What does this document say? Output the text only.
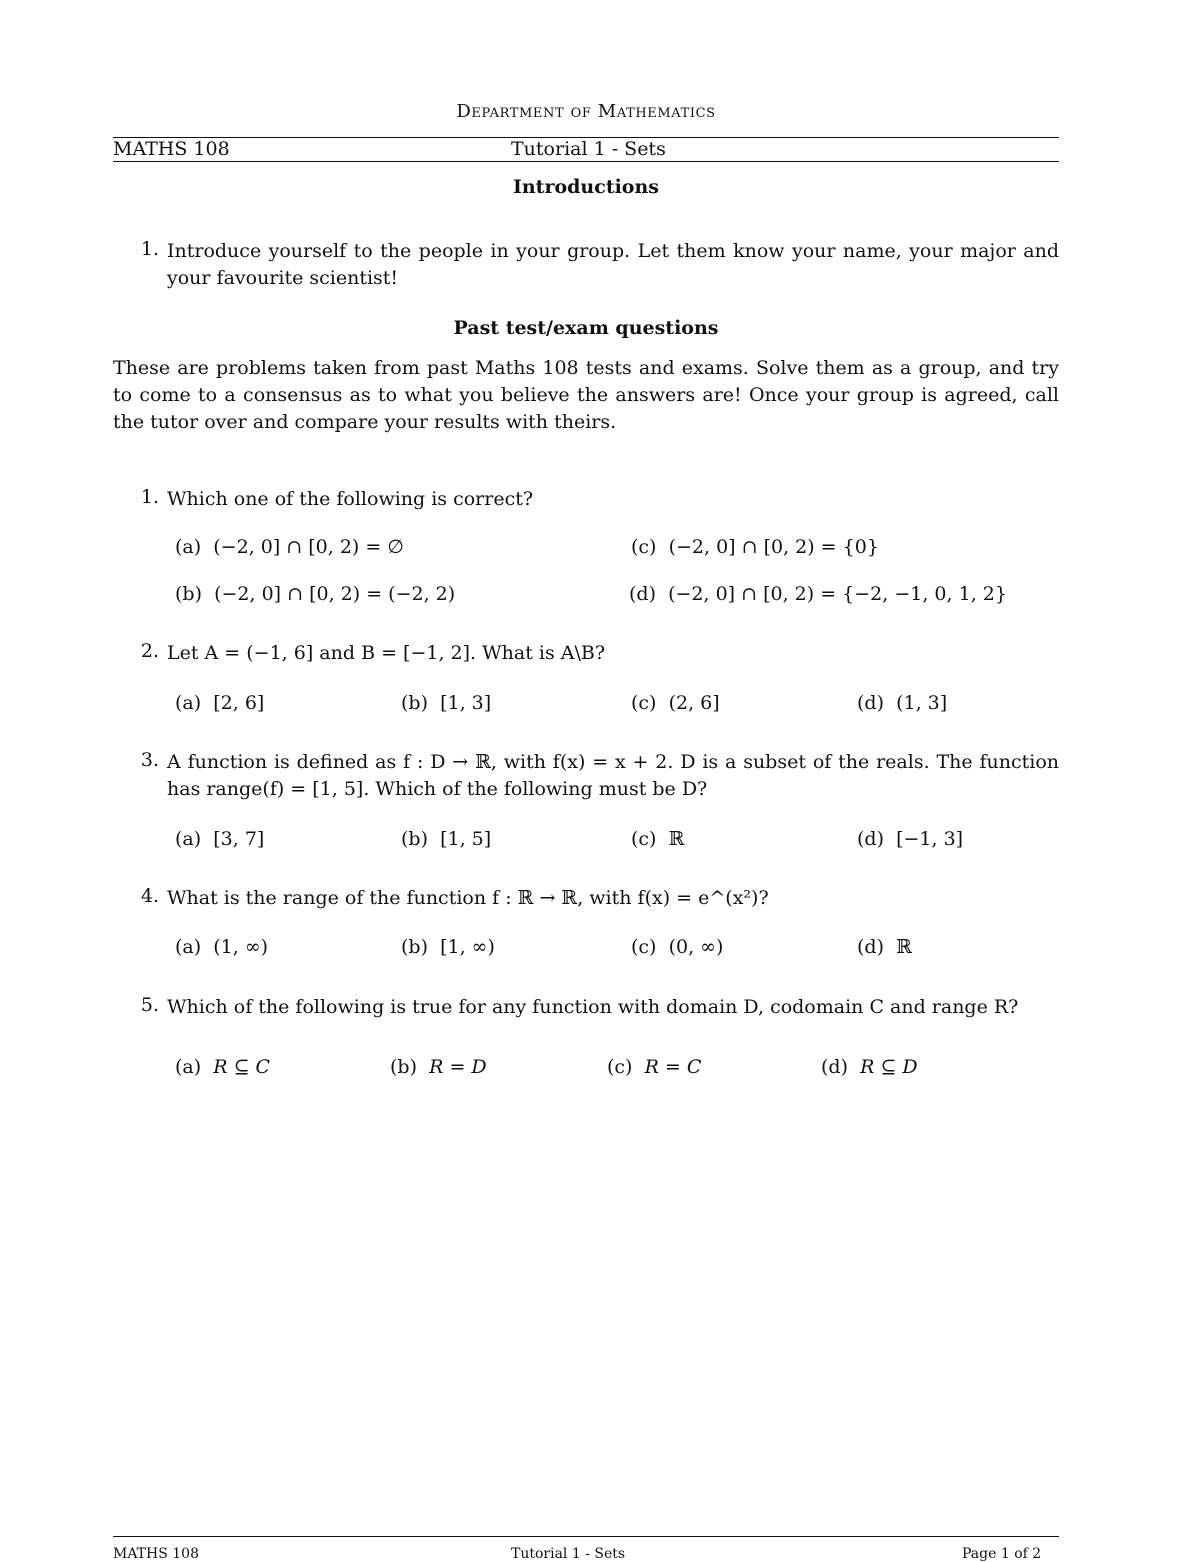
Department of Mathematics
MATHS 108	Tutorial 1 - Sets
Introductions
1. Introduce yourself to the people in your group. Let them know your name, your major and your favourite scientist!
Past test/exam questions
These are problems taken from past Maths 108 tests and exams. Solve them as a group, and try to come to a consensus as to what you believe the answers are! Once your group is agreed, call the tutor over and compare your results with theirs.
1. Which one of the following is correct?
(a) (−2, 0] ∩ [0, 2) = ∅
(b) (−2, 0] ∩ [0, 2) = (−2, 2)
(c) (−2, 0] ∩ [0, 2) = {0}
(d) (−2, 0] ∩ [0, 2) = {−2, −1, 0, 1, 2}
2. Let A = (−1, 6] and B = [−1, 2]. What is A\B?
(a) [2, 6]	(b) [1, 3]	(c) (2, 6]	(d) (1, 3]
3. A function is defined as f : D → ℝ, with f(x) = x + 2. D is a subset of the reals. The function has range(f) = [1, 5]. Which of the following must be D?
(a) [3, 7]	(b) [1, 5]	(c) ℝ	(d) [−1, 3]
4. What is the range of the function f : ℝ → ℝ, with f(x) = e^(x²)?
(a) (1, ∞)	(b) [1, ∞)	(c) (0, ∞)	(d) ℝ
5. Which of the following is true for any function with domain D, codomain C and range R?
(a) R ⊆ C	(b) R = D	(c) R = C	(d) R ⊆ D
MATHS 108	Tutorial 1 - Sets	Page 1 of 2
